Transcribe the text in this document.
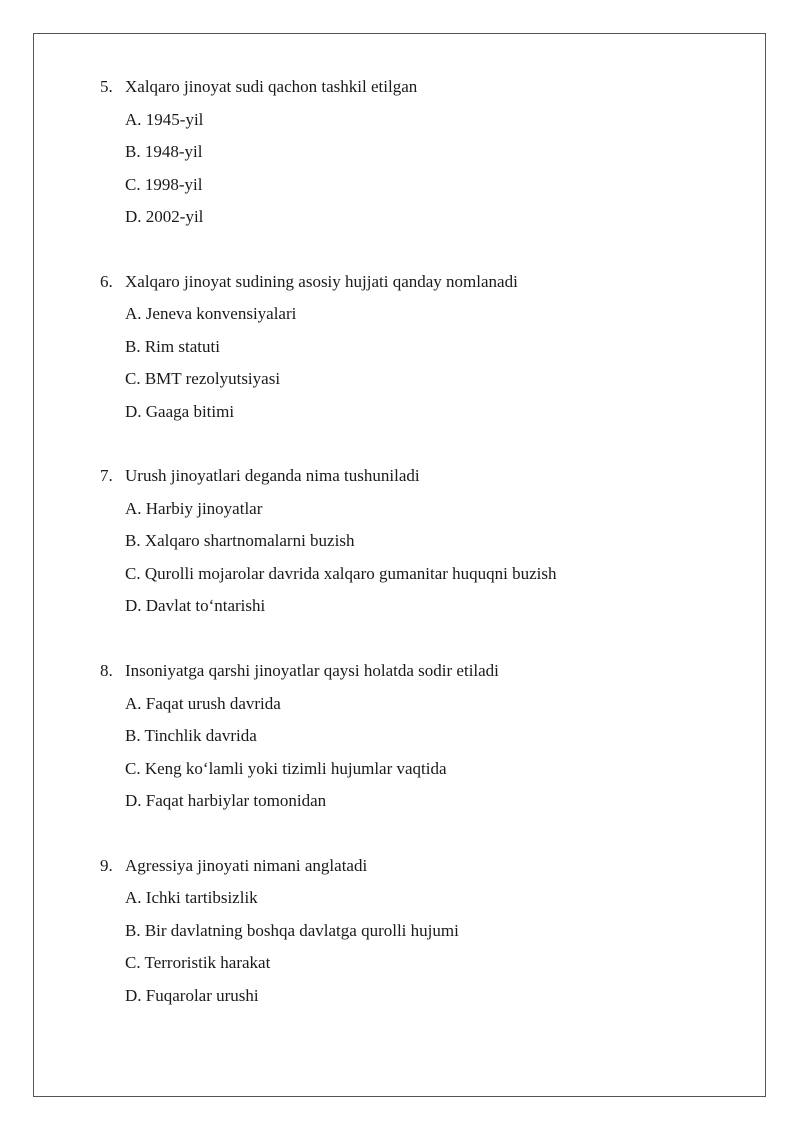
5. Xalqaro jinoyat sudi qachon tashkil etilgan
A. 1945-yil
B. 1948-yil
C. 1998-yil
D. 2002-yil
6. Xalqaro jinoyat sudining asosiy hujjati qanday nomlanadi
A. Jeneva konvensiyalari
B. Rim statuti
C. BMT rezolyutsiyasi
D. Gaaga bitimi
7. Urush jinoyatlari deganda nima tushuniladi
A. Harbiy jinoyatlar
B. Xalqaro shartnomalarni buzish
C. Qurolli mojarolar davrida xalqaro gumanitar huquqni buzish
D. Davlat to‘ntarishi
8. Insoniyatga qarshi jinoyatlar qaysi holatda sodir etiladi
A. Faqat urush davrida
B. Tinchlik davrida
C. Keng ko‘lamli yoki tizimli hujumlar vaqtida
D. Faqat harbiylar tomonidan
9. Agressiya jinoyati nimani anglatadi
A. Ichki tartibsizlik
B. Bir davlatning boshqa davlatga qurolli hujumi
C. Terroristik harakat
D. Fuqarolar urushi
